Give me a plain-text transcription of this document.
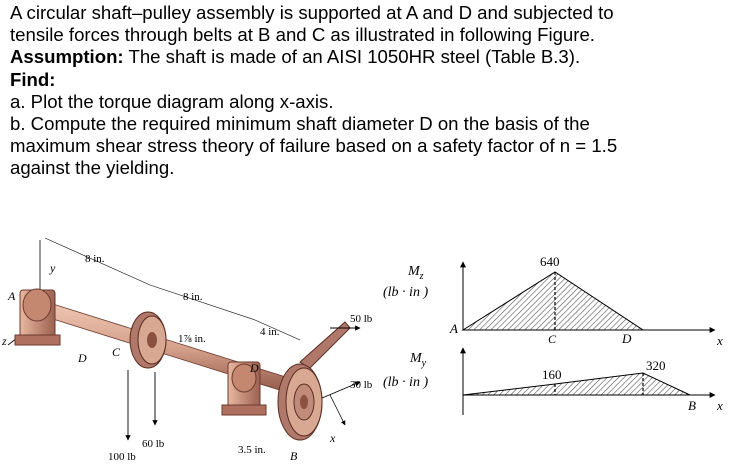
A circular shaft–pulley assembly is supported at A and D and subjected to

tensile forces through belts at B and C as illustrated in following Figure.

Assumption: The shaft is made of an AISI 1050HR steel (Table B.3).

Find:

a. Plot the torque diagram along x-axis.

b. Compute the required minimum shaft diameter D on the basis of the

maximum shear stress theory of failure based on a safety factor of n = 1.5

against the yielding.

8 in.
8 in.
1⅞ in.
4 in.
3.5 in.
50 lb
30 lb
60 lb
100 lb
A
D C
D
B
x
y
z
$M_z$
(lb · in )
640
A
C	D	x
$M_y$
(lb · in )
160
320
B x
